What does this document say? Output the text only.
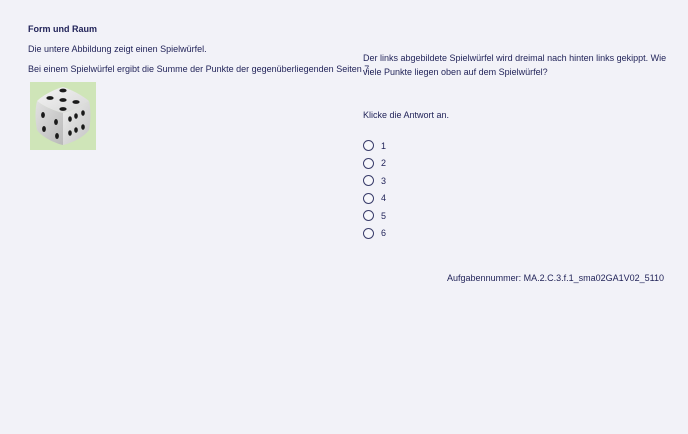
Form und Raum

Die untere Abbildung zeigt einen Spielwürfel.

Bei einem Spielwürfel ergibt die Summe der Punkte der gegenüberliegenden Seiten 7.

Der links abgebildete Spielwürfel wird dreimal nach hinten links gekippt. Wie viele Punkte liegen oben auf dem Spielwürfel?

Klicke die Antwort an.

1
2
3
4
5
6
Aufgabennummer: MA.2.C.3.f.1_sma02GA1V02_5110
